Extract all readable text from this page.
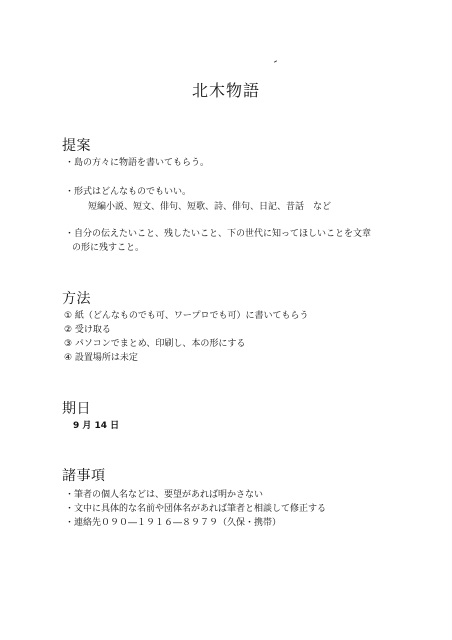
北木物語
提案
・島の方々に物語を書いてもらう。
・形式はどんなものでもいい。
短編小説、短文、俳句、短歌、詩、俳句、日記、昔話　など
・自分の伝えたいこと、残したいこと、下の世代に知ってほしいことを文章
の形に残すこと。
方法
① 紙（どんなものでも可、ワープロでも可）に書いてもらう
② 受け取る
③ パソコンでまとめ、印刷し、本の形にする
④ 設置場所は未定
期日
9 月 14 日
諸事項
・筆者の個人名などは、要望があれば明かさない
・文中に具体的な名前や団体名があれば筆者と相談して修正する
・連絡先０９０―１９１６―８９７９（久保・携帯）
